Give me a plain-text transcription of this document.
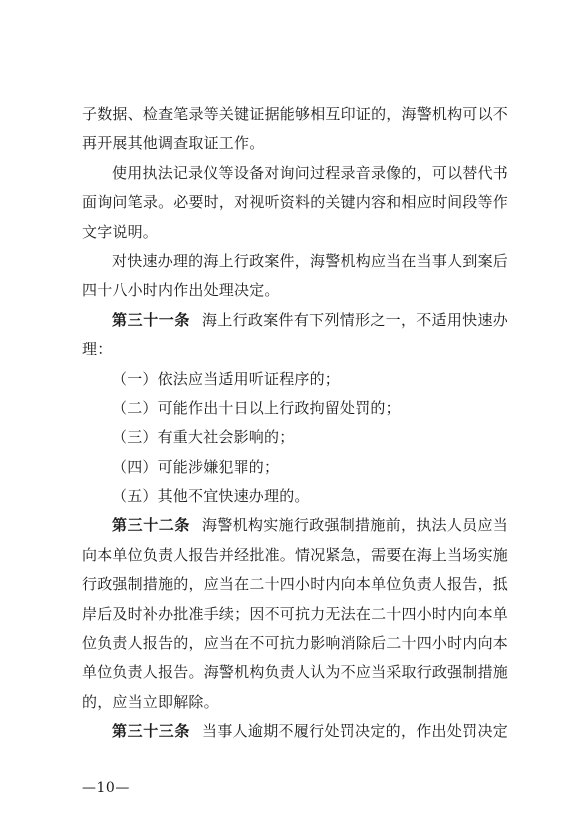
子数据、检查笔录等关键证据能够相互印证的，海警机构可以不
再开展其他调查取证工作。
使用执法记录仪等设备对询问过程录音录像的，可以替代书
面询问笔录。必要时，对视听资料的关键内容和相应时间段等作
文字说明。
对快速办理的海上行政案件，海警机构应当在当事人到案后
四十八小时内作出处理决定。
第三十一条 海上行政案件有下列情形之一，不适用快速办
理：
（一）依法应当适用听证程序的；
（二）可能作出十日以上行政拘留处罚的；
（三）有重大社会影响的；
（四）可能涉嫌犯罪的；
（五）其他不宜快速办理的。
第三十二条 海警机构实施行政强制措施前，执法人员应当
向本单位负责人报告并经批准。情况紧急，需要在海上当场实施
行政强制措施的，应当在二十四小时内向本单位负责人报告，抵
岸后及时补办批准手续；因不可抗力无法在二十四小时内向本单
位负责人报告的，应当在不可抗力影响消除后二十四小时内向本
单位负责人报告。海警机构负责人认为不应当采取行政强制措施
的，应当立即解除。
第三十三条 当事人逾期不履行处罚决定的，作出处罚决定
—10—
